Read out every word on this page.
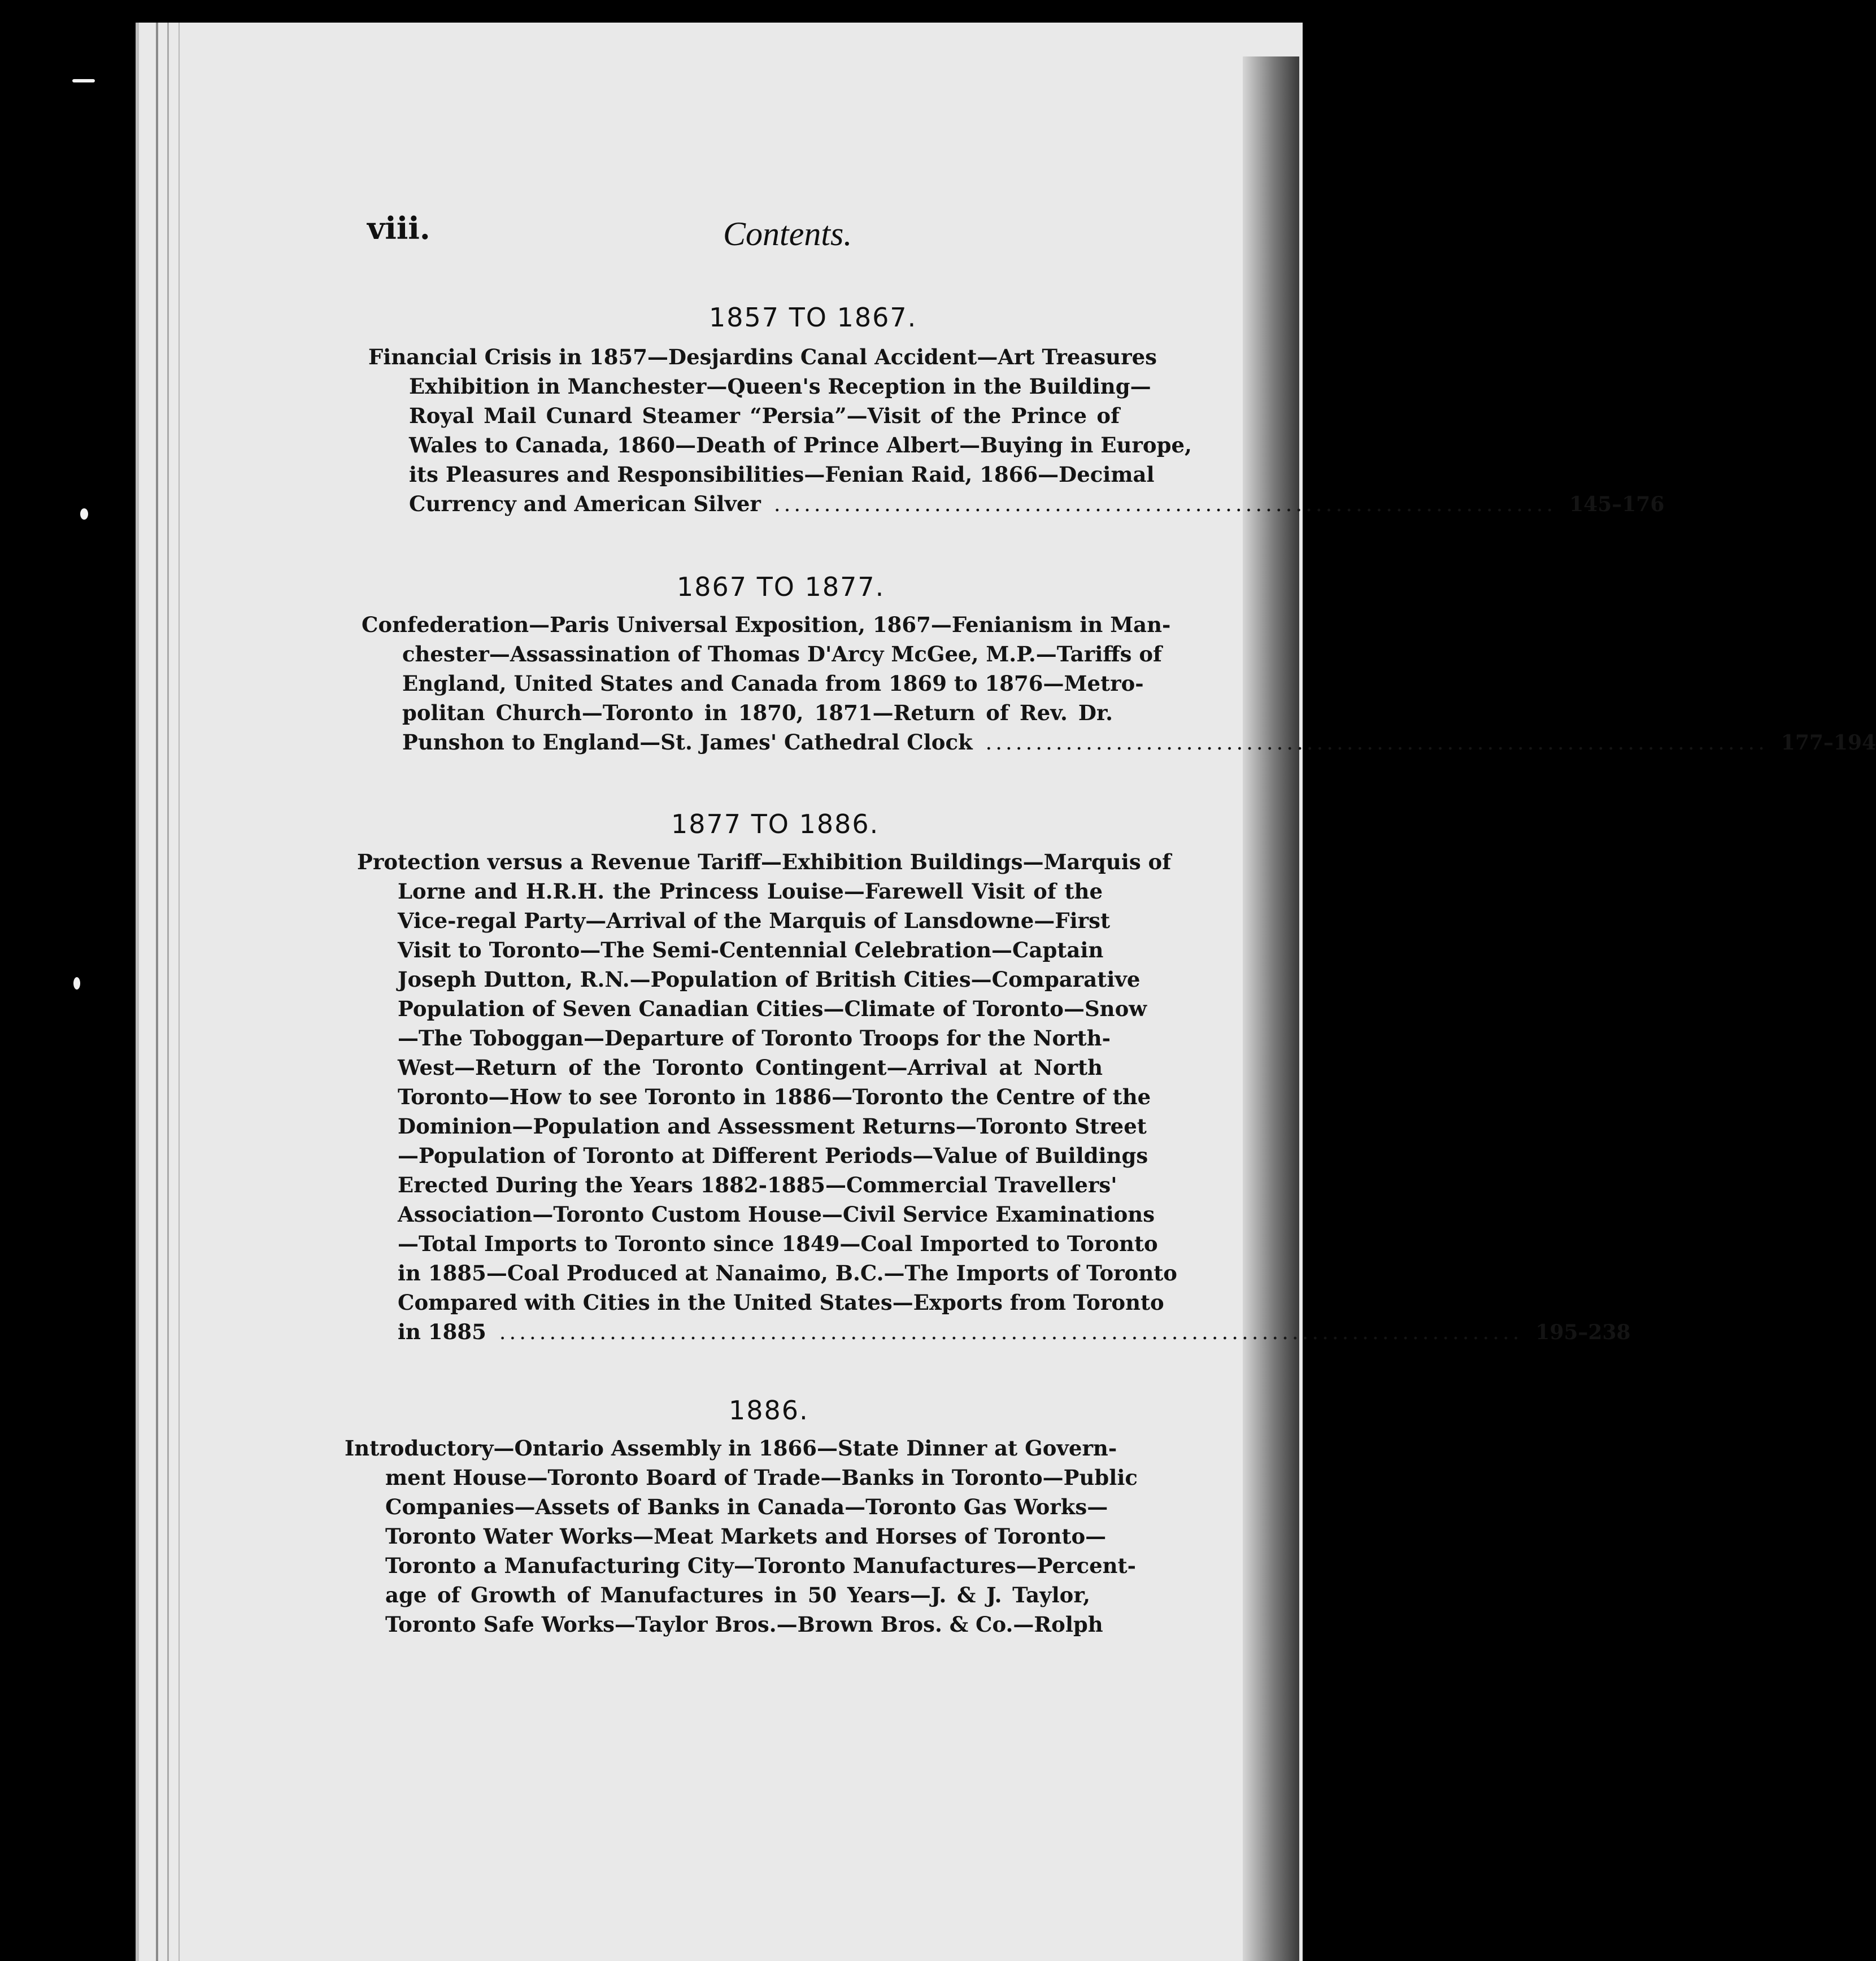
viii.	Contents.
1857 TO 1867.
Financial Crisis in 1857—Desjardins Canal Accident—Art Treasures
Exhibition in Manchester—Queen's Reception in the Building—
Royal Mail Cunard Steamer “Persia”—Visit of the Prince of
Wales to Canada, 1860—Death of Prince Albert—Buying in Europe,
its Pleasures and Responsibilities—Fenian Raid, 1866—Decimal
Currency and American Silver .............................................................................. 145–176
1867 TO 1877.
Confederation—Paris Universal Exposition, 1867—Fenianism in Man-
chester—Assassination of Thomas D'Arcy McGee, M.P.—Tariffs of
England, United States and Canada from 1869 to 1876—Metro-
politan Church—Toronto in 1870, 1871—Return of Rev. Dr.
Punshon to England—St. James' Cathedral Clock .............................................................................. 177–194
1877 TO 1886.
Protection versus a Revenue Tariff—Exhibition Buildings—Marquis of
Lorne and H.R.H. the Princess Louise—Farewell Visit of the
Vice-regal Party—Arrival of the Marquis of Lansdowne—First
Visit to Toronto—The Semi-Centennial Celebration—Captain
Joseph Dutton, R.N.—Population of British Cities—Comparative
Population of Seven Canadian Cities—Climate of Toronto—Snow
—The Toboggan—Departure of Toronto Troops for the North-
West—Return of the Toronto Contingent—Arrival at North
Toronto—How to see Toronto in 1886—Toronto the Centre of the
Dominion—Population and Assessment Returns—Toronto Street
—Population of Toronto at Different Periods—Value of Buildings
Erected During the Years 1882-1885—Commercial Travellers'
Association—Toronto Custom House—Civil Service Examinations
—Total Imports to Toronto since 1849—Coal Imported to Toronto
in 1885—Coal Produced at Nanaimo, B.C.—The Imports of Toronto
Compared with Cities in the United States—Exports from Toronto
in 1885 ...................................................................................................... 195–238
1886.
Introductory—Ontario Assembly in 1866—State Dinner at Govern-
ment House—Toronto Board of Trade—Banks in Toronto—Public
Companies—Assets of Banks in Canada—Toronto Gas Works—
Toronto Water Works—Meat Markets and Horses of Toronto—
Toronto a Manufacturing City—Toronto Manufactures—Percent-
age of Growth of Manufactures in 50 Years—J. & J. Taylor,
Toronto Safe Works—Taylor Bros.—Brown Bros. & Co.—Rolph
